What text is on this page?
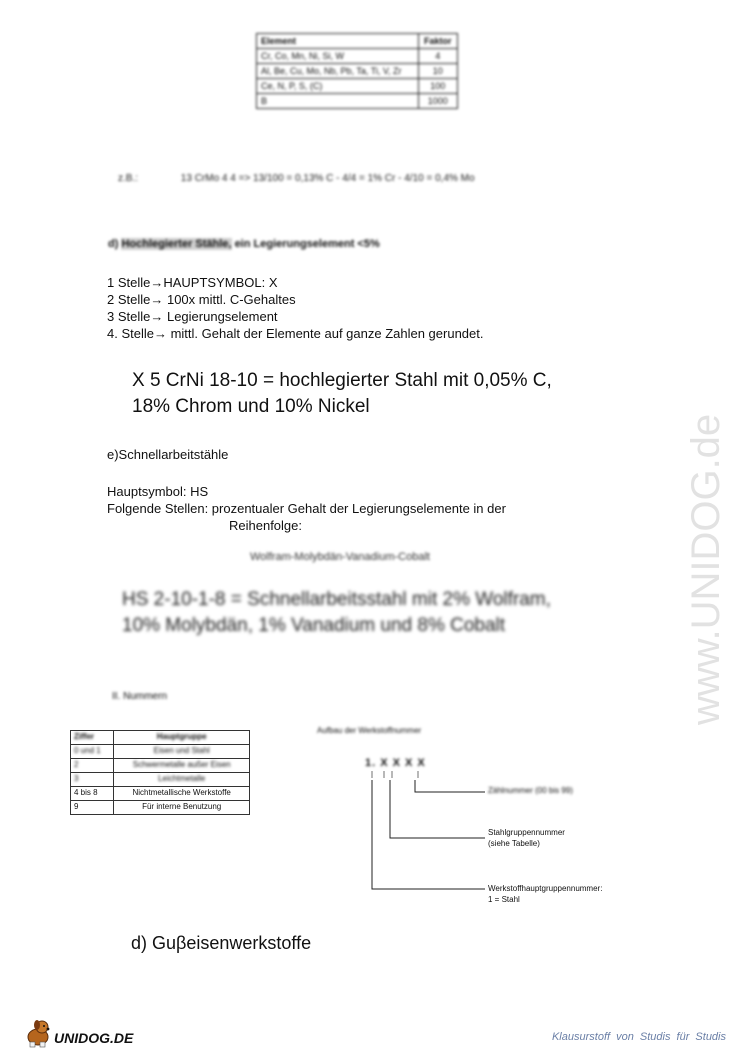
Element	Faktor
Cr, Co, Mn, Ni, Si, W	4
Al, Be, Cu, Mo, Nb, Pb, Ta, Ti, V, Zr	10
Ce, N, P, S, (C)	100
B	1000
z.B.:	13 CrMo 4 4 => 13/100 = 0,13% C - 4/4 = 1% Cr - 4/10 = 0,4% Mo
d) Hochlegierter Stähle, ein Legierungselement <5%
1 Stelle→HAUPTSYMBOL: X
2 Stelle→ 100x mittl. C-Gehaltes
3 Stelle→ Legierungselement
4. Stelle→ mittl. Gehalt der Elemente auf ganze Zahlen gerundet.
X 5 CrNi 18-10 = hochlegierter Stahl mit 0,05% C,
18% Chrom und 10% Nickel
e)Schnellarbeitstähle
Hauptsymbol: HS
Folgende Stellen: prozentualer Gehalt der Legierungselemente in der
Reihenfolge:
Wolfram-Molybdän-Vanadium-Cobalt
HS 2-10-1-8 = Schnellarbeitsstahl mit 2% Wolfram,
10% Molybdän, 1% Vanadium und 8% Cobalt
II. Nummern
Ziffer	Hauptgruppe
0 und 1	Eisen und Stahl
2	Schwermetalle außer Eisen
3	Leichtmetalle
4 bis 8	Nichtmetallische Werkstoffe
9	Für interne Benutzung
Aufbau der Werkstoffnummer
1. X X X X
Zählnummer (00 bis 99)
Stahlgruppennummer
(siehe Tabelle)
Werkstoffhauptgruppennummer:
1 = Stahl
d) Guβeisenwerkstoffe
www.UNIDOG.de
UNIDOG.DE	Klausurstoff von Studis für Studis
